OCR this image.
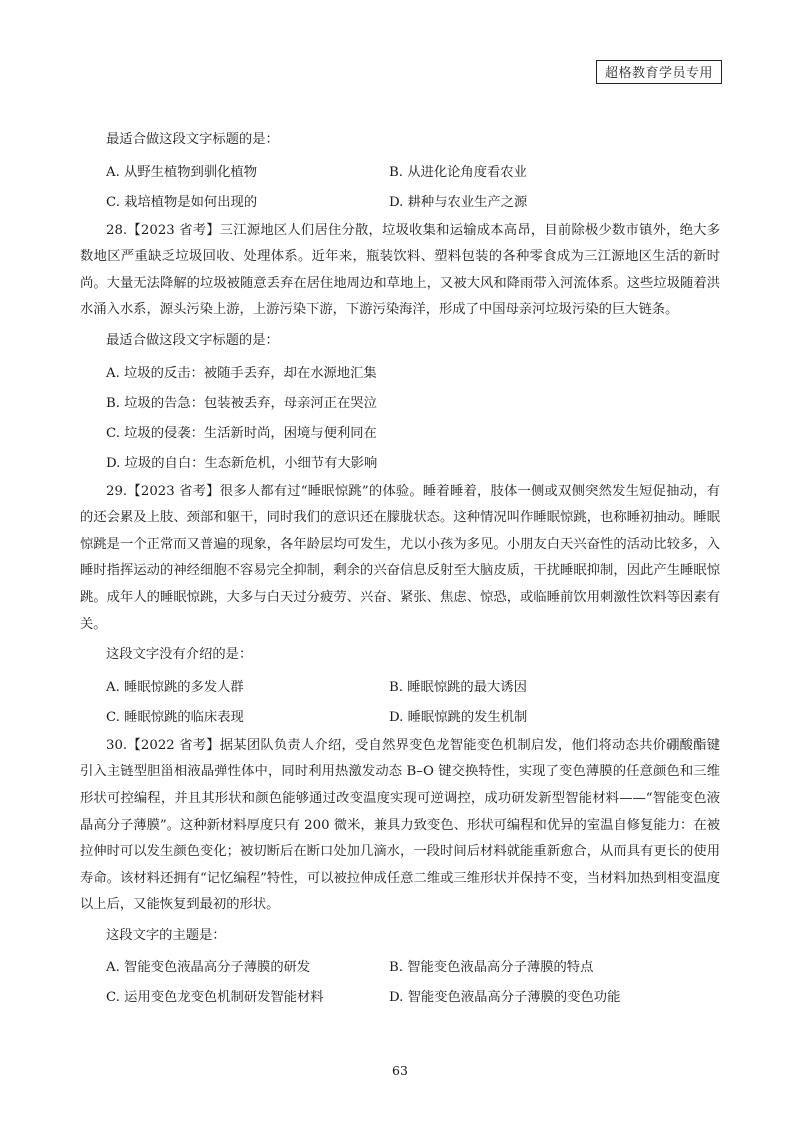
超格教育学员专用

最适合做这段文字标题的是：

A. 从野生植物到驯化植物	B. 从进化论角度看农业
C. 栽培植物是如何出现的	D. 耕种与农业生产之源

28.【2023 省考】三江源地区人们居住分散，垃圾收集和运输成本高昂，目前除极少数市镇外，绝大多数地区严重缺乏垃圾回收、处理体系。近年来，瓶装饮料、塑料包装的各种零食成为三江源地区生活的新时尚。大量无法降解的垃圾被随意丢弃在居住地周边和草地上，又被大风和降雨带入河流体系。这些垃圾随着洪水涌入水系，源头污染上游，上游污染下游，下游污染海洋，形成了中国母亲河垃圾污染的巨大链条。

最适合做这段文字标题的是：

A. 垃圾的反击：被随手丢弃，却在水源地汇集

B. 垃圾的告急：包装被丢弃，母亲河正在哭泣

C. 垃圾的侵袭：生活新时尚，困境与便利同在

D. 垃圾的自白：生态新危机，小细节有大影响

29.【2023 省考】很多人都有过“睡眠惊跳”的体验。睡着睡着，肢体一侧或双侧突然发生短促抽动，有的还会累及上肢、颈部和躯干，同时我们的意识还在朦胧状态。这种情况叫作睡眠惊跳，也称睡初抽动。睡眠惊跳是一个正常而又普遍的现象，各年龄层均可发生，尤以小孩为多见。小朋友白天兴奋性的活动比较多，入睡时指挥运动的神经细胞不容易完全抑制，剩余的兴奋信息反射至大脑皮质，干扰睡眠抑制，因此产生睡眠惊跳。成年人的睡眠惊跳，大多与白天过分疲劳、兴奋、紧张、焦虑、惊恐，或临睡前饮用刺激性饮料等因素有关。

这段文字没有介绍的是：

A. 睡眠惊跳的多发人群	B. 睡眠惊跳的最大诱因
C. 睡眠惊跳的临床表现	D. 睡眠惊跳的发生机制

30.【2022 省考】据某团队负责人介绍，受自然界变色龙智能变色机制启发，他们将动态共价硼酸酯键引入主链型胆甾相液晶弹性体中，同时利用热激发动态 B–O 键交换特性，实现了变色薄膜的任意颜色和三维形状可控编程，并且其形状和颜色能够通过改变温度实现可逆调控，成功研发新型智能材料——“智能变色液晶高分子薄膜”。这种新材料厚度只有 200 微米，兼具力致变色、形状可编程和优异的室温自修复能力：在被拉伸时可以发生颜色变化；被切断后在断口处加几滴水，一段时间后材料就能重新愈合，从而具有更长的使用寿命。该材料还拥有“记忆编程”特性，可以被拉伸成任意二维或三维形状并保持不变，当材料加热到相变温度以上后，又能恢复到最初的形状。

这段文字的主题是：

A. 智能变色液晶高分子薄膜的研发	B. 智能变色液晶高分子薄膜的特点
C. 运用变色龙变色机制研发智能材料	D. 智能变色液晶高分子薄膜的变色功能
63
